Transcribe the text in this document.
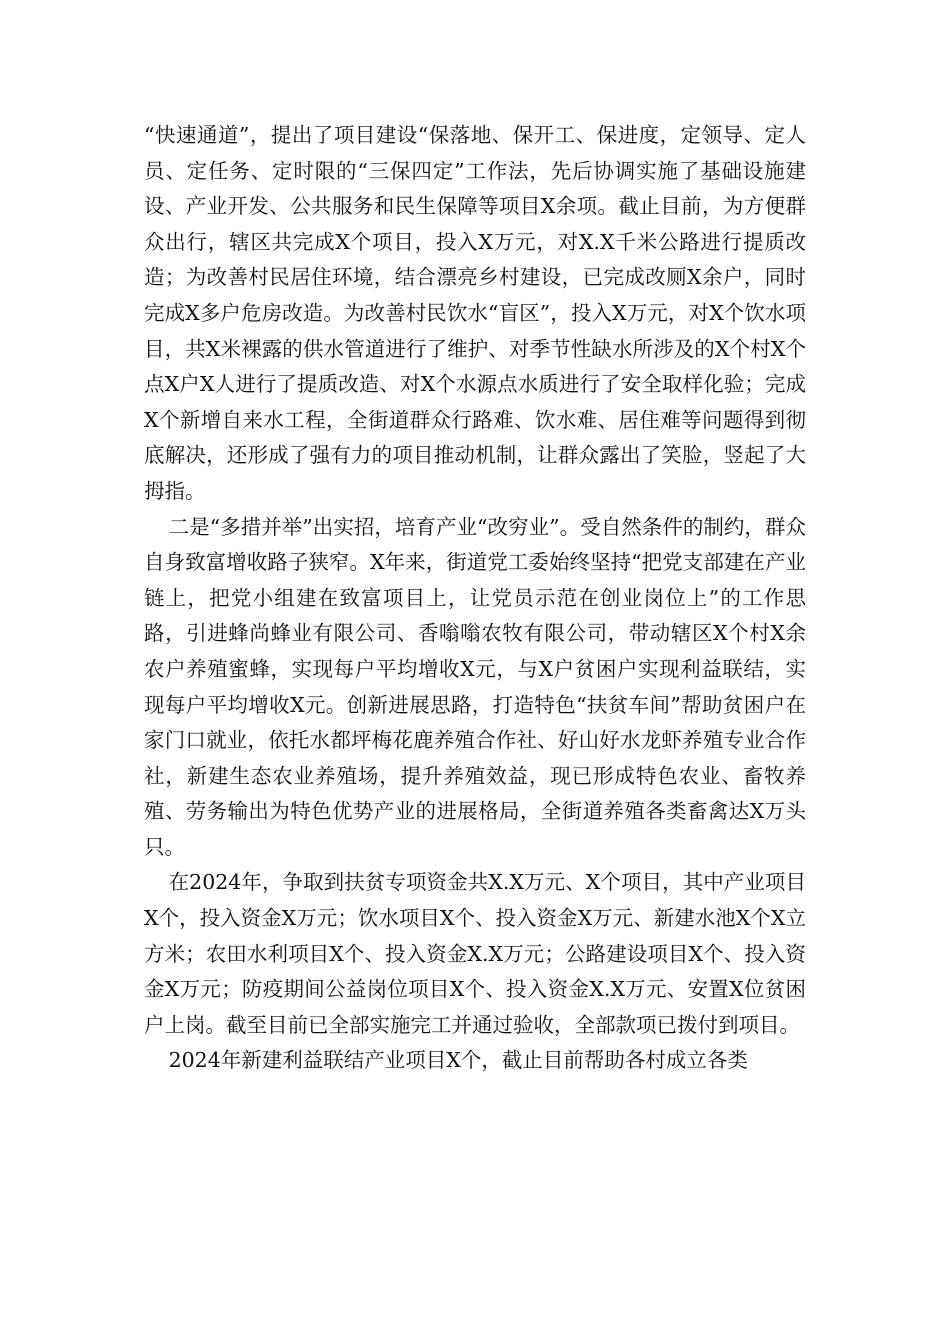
“快速通道”，提出了项目建设“保落地、保开工、保进度，定领导、定人员、定任务、定时限的“三保四定”工作法，先后协调实施了基础设施建设、产业开发、公共服务和民生保障等项目X余项。截止目前，为方便群众出行，辖区共完成X个项目，投入X万元，对X.X千米公路进行提质改造；为改善村民居住环境，结合漂亮乡村建设，已完成改厕X余户，同时完成X多户危房改造。为改善村民饮水“盲区”，投入X万元，对X个饮水项目，共X米裸露的供水管道进行了维护、对季节性缺水所涉及的X个村X个点X户X人进行了提质改造、对X个水源点水质进行了安全取样化验；完成X个新增自来水工程，全街道群众行路难、饮水难、居住难等问题得到彻底解决，还形成了强有力的项目推动机制，让群众露出了笑脸，竖起了大拇指。

二是“多措并举”出实招，培育产业“改穷业”。受自然条件的制约，群众自身致富增收路子狭窄。X年来，街道党工委始终坚持“把党支部建在产业链上，把党小组建在致富项目上，让党员示范在创业岗位上”的工作思路，引进蜂尚蜂业有限公司、香嗡嗡农牧有限公司，带动辖区X个村X余农户养殖蜜蜂，实现每户平均增收X元，与X户贫困户实现利益联结，实现每户平均增收X元。创新进展思路，打造特色“扶贫车间”帮助贫困户在家门口就业，依托水都坪梅花鹿养殖合作社、好山好水龙虾养殖专业合作社，新建生态农业养殖场，提升养殖效益，现已形成特色农业、畜牧养殖、劳务输出为特色优势产业的进展格局，全街道养殖各类畜禽达X万头只。

在2024年，争取到扶贫专项资金共X.X万元、X个项目，其中产业项目X个，投入资金X万元；饮水项目X个、投入资金X万元、新建水池X个X立方米；农田水利项目X个、投入资金X.X万元；公路建设项目X个、投入资金X万元；防疫期间公益岗位项目X个、投入资金X.X万元、安置X位贫困户上岗。截至目前已全部实施完工并通过验收，全部款项已拨付到项目。

2024年新建利益联结产业项目X个，截止目前帮助各村成立各类
